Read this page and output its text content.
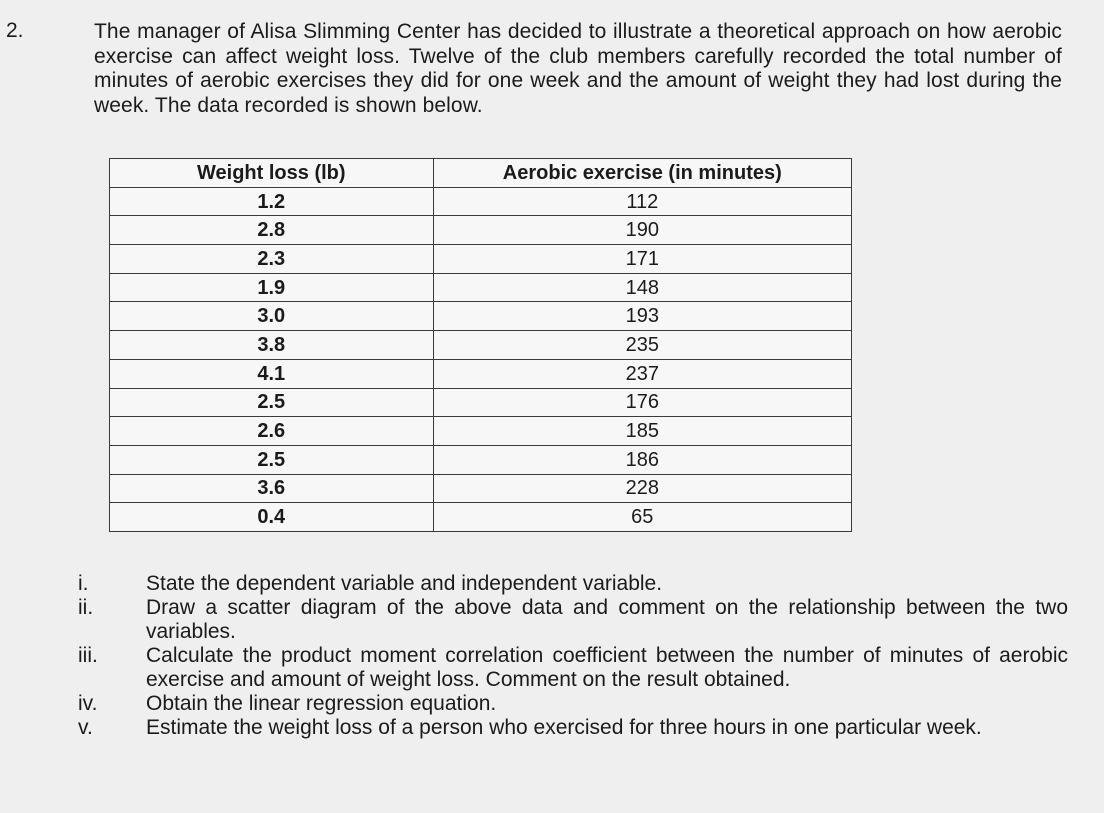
2.	The manager of Alisa Slimming Center has decided to illustrate a theoretical approach on how aerobic exercise can affect weight loss. Twelve of the club members carefully recorded the total number of minutes of aerobic exercises they did for one week and the amount of weight they had lost during the week. The data recorded is shown below.
Weight loss (lb)	Aerobic exercise (in minutes)
1.2	112
2.8	190
2.3	171
1.9	148
3.0	193
3.8	235
4.1	237
2.5	176
2.6	185
2.5	186
3.6	228
0.4	65
i.	State the dependent variable and independent variable.
ii.	Draw a scatter diagram of the above data and comment on the relationship between the two variables.
iii.	Calculate the product moment correlation coefficient between the number of minutes of aerobic exercise and amount of weight loss. Comment on the result obtained.
iv.	Obtain the linear regression equation.
v.	Estimate the weight loss of a person who exercised for three hours in one particular week.
